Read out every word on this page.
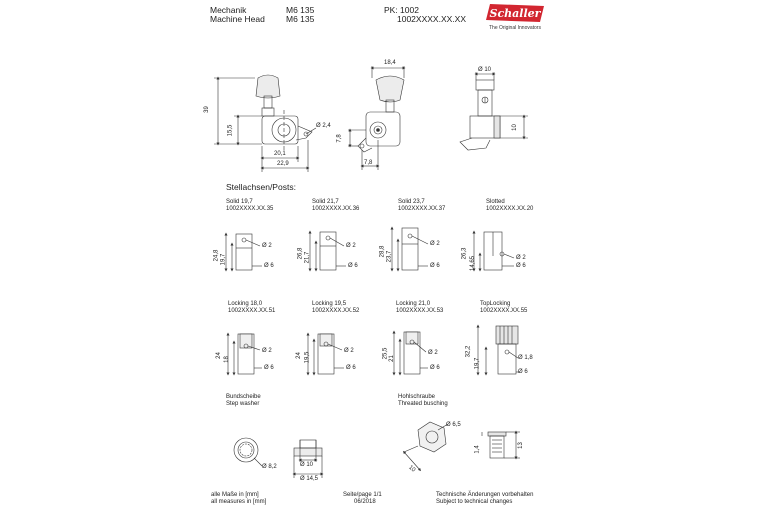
Mechanik
Machine Head
M6 135
M6 135
PK: 1002
1002XXXX.XX.XX Schaller
The Original Innovators
39
15,5
20,1
22,9
Ø 2,4
18,4
7,8
7,8
Ø 10
10
Stellachsen/Posts:
Solid 19,7
1002XXXX.XX.35
Solid 21,7
1002XXXX.XX.36
Solid 23,7
1002XXXX.XX.37
Slotted
1002XXXX.XX.20
24,8 19,7
Ø 2
Ø 6
26,8 21,7
Ø 2
Ø 6
28,8 23,7
Ø 2
Ø 6
26,3
14,65	Ø 2
Ø 6
Locking 18,0
1002XXXX.XX.51
Locking 19,5
1002XXXX.XX.52
Locking 21,0
1002XXXX.XX.53
TopLocking
1002XXXX.XX.55
24
18
Ø 2
Ø 6
24 19,5
Ø 2
Ø 6
25,5 21
Ø 2
Ø 6
32,2
19,7	Ø 1,8
Ø 6
Bundscheibe
Step washer
Hohlschraube
Threated busching
Ø 8,2	Ø 10
Ø 14,5
Ø 6,5
10
1,4	13
alle Maße in [mm]
all measures in [mm]
Seite/page 1/1
06/2018
Technische Änderungen vorbehalten
Subject to technical changes
